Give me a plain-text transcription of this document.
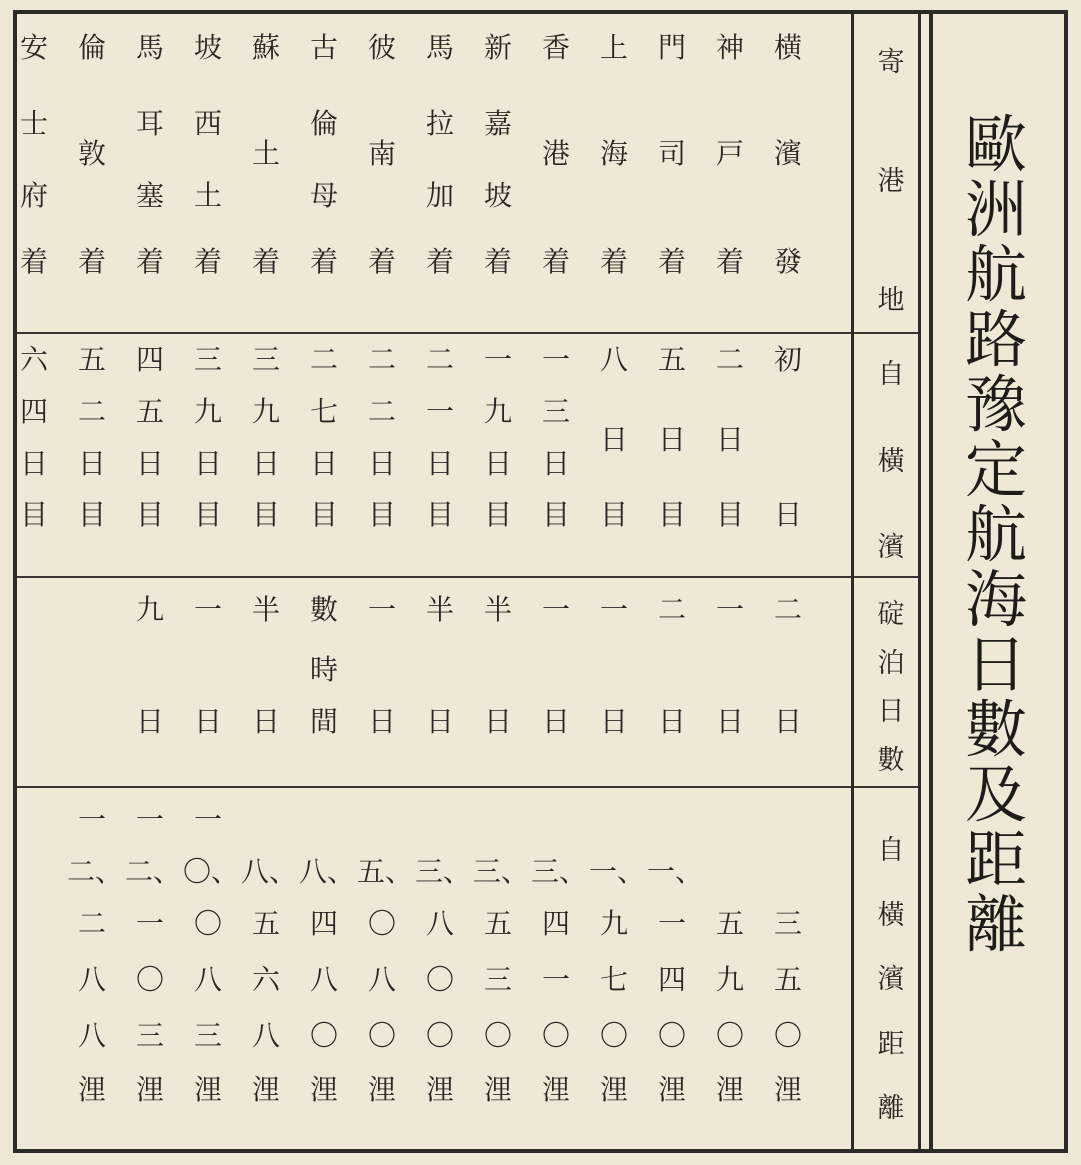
歐
洲
航
路
豫
定
航
海
日
數
及
距
離
寄
港
地
自
橫
濱
碇
泊
日
數
自
橫
濱
距
離
横
濱
發
初
日
二
日
三
五
〇
浬
神
戸
着
二
日
目
一
日
五
九
〇
浬
門
司
着
五
日
目
二
日
一、
一
四
〇
浬
上
海
着
八
日
目
一
日
一、
九
七
〇
浬
香
港
着
一
三
日
目
一
日
三、
四
一
〇
浬
新
嘉
坡
着
一
九
日
目
半
日
三、
五
三
〇
浬
馬
拉
加
着
二
一
日
目
半
日
三、
八
〇
〇
浬
彼
南
着
二
二
日
目
一
日
五、
〇
八
〇
浬
古
倫
母
着
二
七
日
目
數
時
間
八、
四
八
〇
浬
蘇
土
着
三
九
日
目
半
日
八、
五
六
八
浬
坡
西
土
着
三
九
日
目
一
日
一
〇、
〇
八
三
浬
馬
耳
塞
着
四
五
日
目
九
日
一
二、
一
〇
三
浬
倫
敦
着
五
二
日
目
一
二、
二
八
八
浬
安
士
府
着
六
四
日
目
